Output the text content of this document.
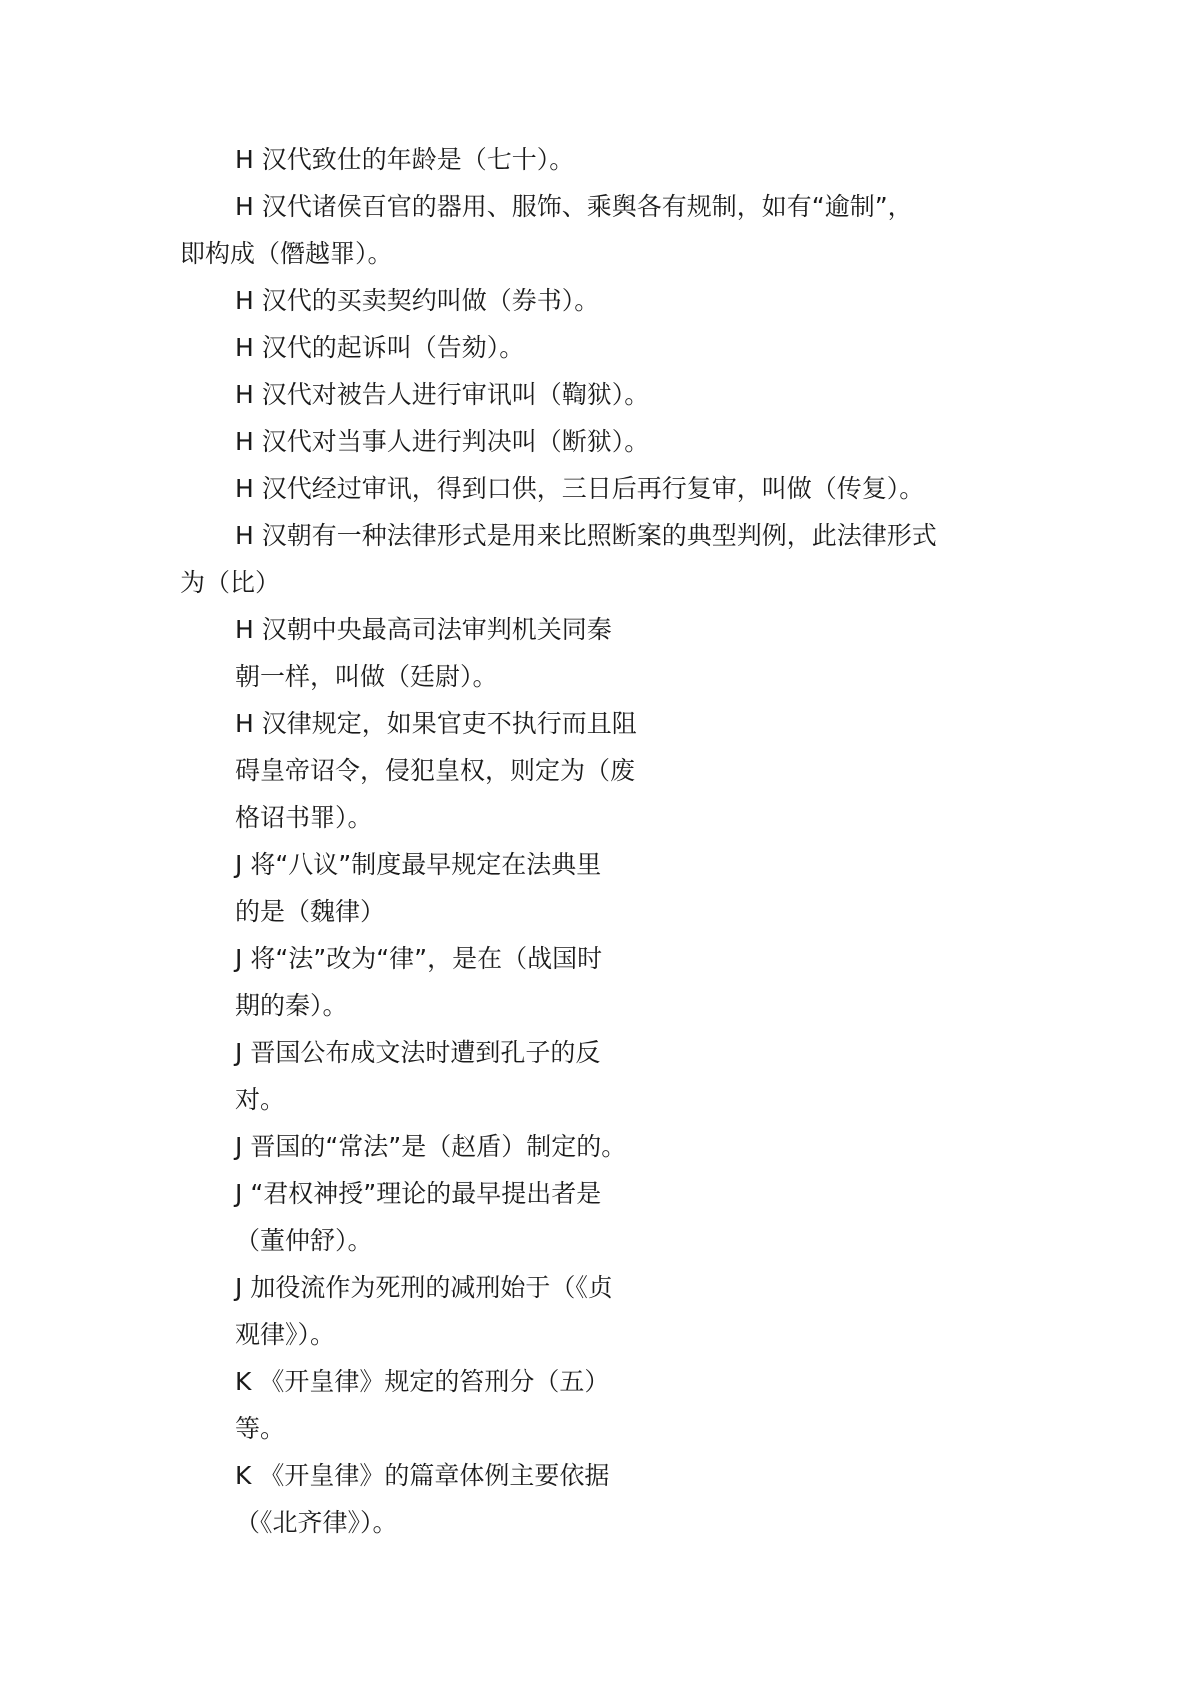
H 汉代致仕的年龄是（七十）。
H 汉代诸侯百官的器用、服饰、乘舆各有规制，如有“逾制”，
即构成（僭越罪）。
H 汉代的买卖契约叫做（券书）。
H 汉代的起诉叫（告劾）。
H 汉代对被告人进行审讯叫（鞫狱）。
H 汉代对当事人进行判决叫（断狱）。
H 汉代经过审讯，得到口供，三日后再行复审，叫做（传复）。
H 汉朝有一种法律形式是用来比照断案的典型判例，此法律形式
为（比）
H 汉朝中央最高司法审判机关同秦
朝一样，叫做（廷尉）。
H 汉律规定，如果官吏不执行而且阻
碍皇帝诏令，侵犯皇权，则定为（废
格诏书罪）。
J 将“八议”制度最早规定在法典里
的是（魏律）
J 将“法”改为“律”，是在（战国时
期的秦）。
J 晋国公布成文法时遭到孔子的反
对。
J 晋国的“常法”是（赵盾）制定的。
J “君权神授”理论的最早提出者是
（董仲舒）。
J 加役流作为死刑的减刑始于（《贞
观律》）。
K 《开皇律》规定的笞刑分（五）
等。
K 《开皇律》的篇章体例主要依据
（《北齐律》）。
